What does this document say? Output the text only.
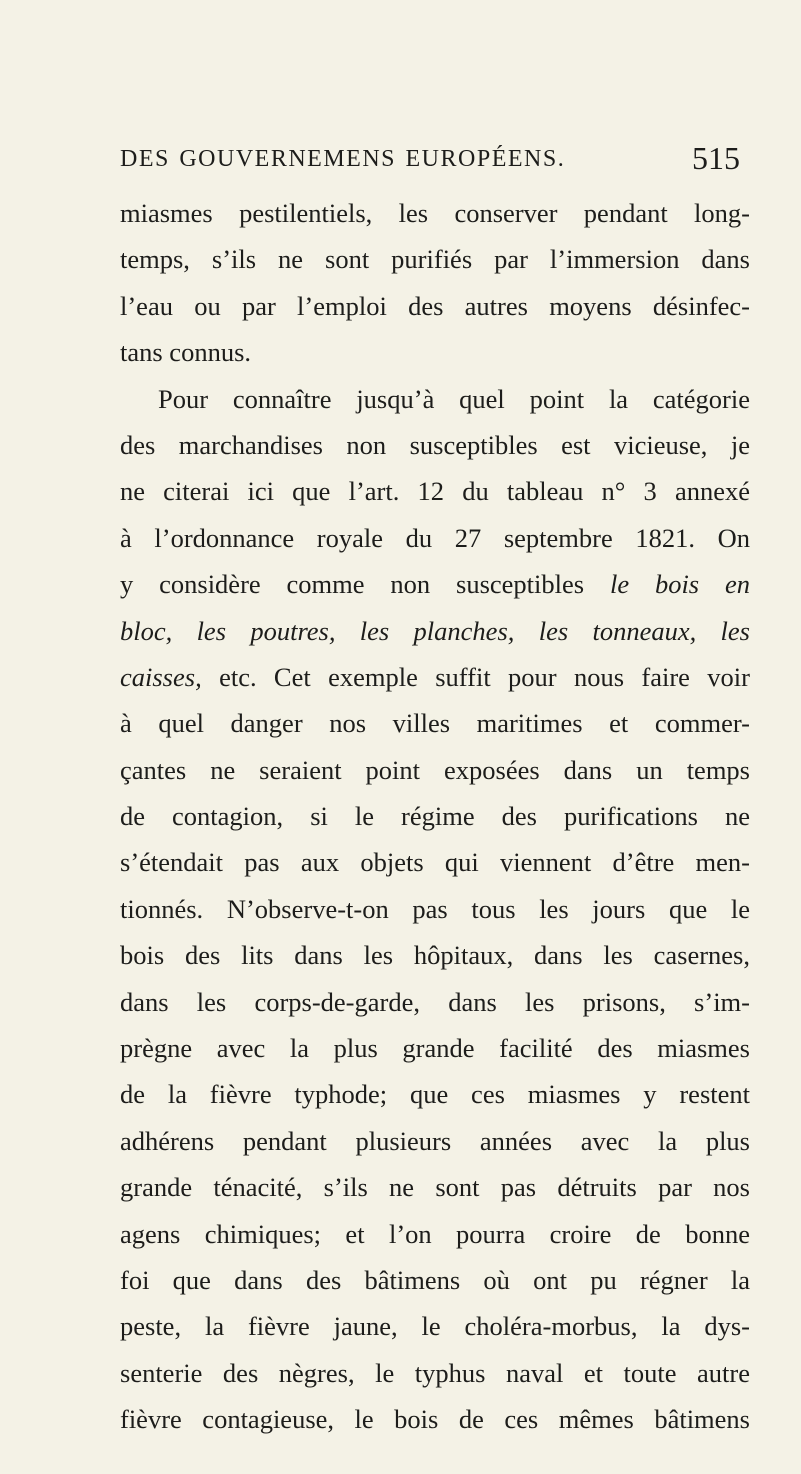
DES GOUVERNEMENS EUROPÉENS.	515
miasmes pestilentiels, les conserver pendant long-
temps, s’ils ne sont purifiés par l’immersion dans
l’eau ou par l’emploi des autres moyens désinfec-
tans connus.
Pour connaître jusqu’à quel point la catégorie
des marchandises non susceptibles est vicieuse, je
ne citerai ici que l’art. 12 du tableau n° 3 annexé
à l’ordonnance royale du 27 septembre 1821. On
y considère comme non susceptibles le bois en
bloc, les poutres, les planches, les tonneaux, les
caisses, etc. Cet exemple suffit pour nous faire voir
à quel danger nos villes maritimes et commer-
çantes ne seraient point exposées dans un temps
de contagion, si le régime des purifications ne
s’étendait pas aux objets qui viennent d’être men-
tionnés. N’observe-t-on pas tous les jours que le
bois des lits dans les hôpitaux, dans les casernes,
dans les corps-de-garde, dans les prisons, s’im-
prègne avec la plus grande facilité des miasmes
de la fièvre typhode; que ces miasmes y restent
adhérens pendant plusieurs années avec la plus
grande ténacité, s’ils ne sont pas détruits par nos
agens chimiques; et l’on pourra croire de bonne
foi que dans des bâtimens où ont pu régner la
peste, la fièvre jaune, le choléra-morbus, la dys-
senterie des nègres, le typhus naval et toute autre
fièvre contagieuse, le bois de ces mêmes bâtimens
